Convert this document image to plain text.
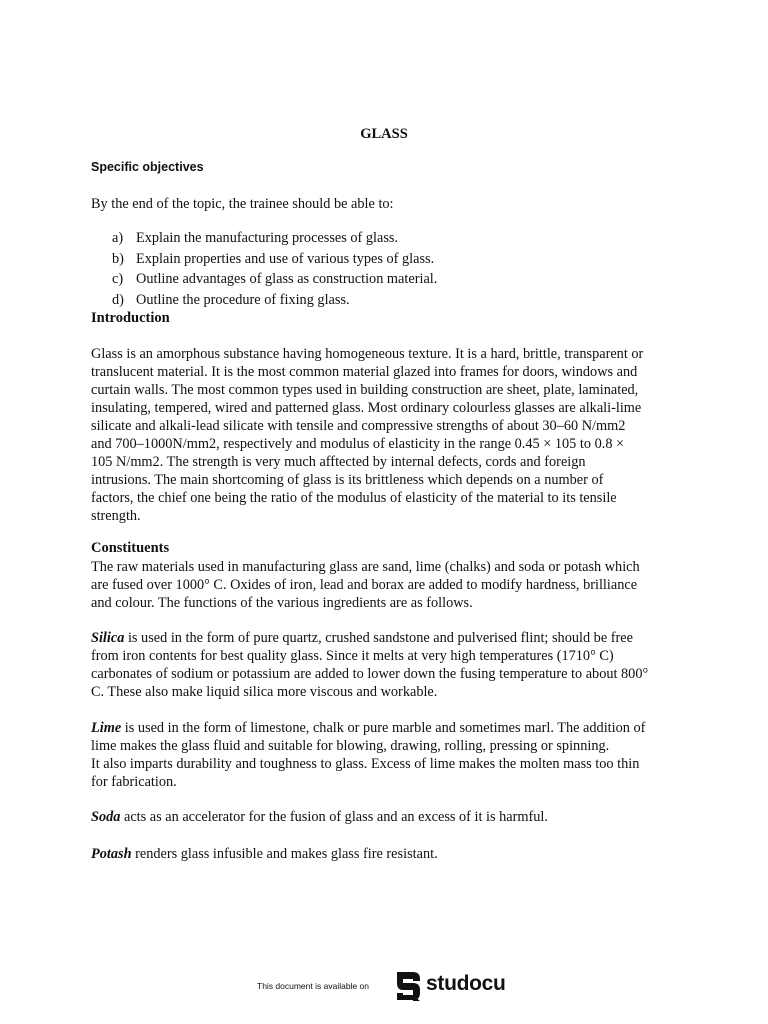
GLASS

Specific objectives

By the end of the topic, the trainee should be able to:

a) Explain the manufacturing processes of glass.
b) Explain properties and use of various types of glass.
c) Outline advantages of glass as construction material.
d) Outline the procedure of fixing glass.
Introduction
Glass is an amorphous substance having homogeneous texture. It is a hard, brittle, transparent or
translucent material. It is the most common material glazed into frames for doors, windows and
curtain walls. The most common types used in building construction are sheet, plate, laminated,
insulating, tempered, wired and patterned glass. Most ordinary colourless glasses are alkali-lime
silicate and alkali-lead silicate with tensile and compressive strengths of about 30–60 N/mm2
and 700–1000N/mm2, respectively and modulus of elasticity in the range 0.45 × 105 to 0.8 ×
105 N/mm2. The strength is very much afftected by internal defects, cords and foreign
intrusions. The main shortcoming of glass is its brittleness which depends on a number of
factors, the chief one being the ratio of the modulus of elasticity of the material to its tensile
strength.
Constituents
The raw materials used in manufacturing glass are sand, lime (chalks) and soda or potash which
are fused over 1000° C. Oxides of iron, lead and borax are added to modify hardness, brilliance
and colour. The functions of the various ingredients are as follows.
Silica is used in the form of pure quartz, crushed sandstone and pulverised flint; should be free
from iron contents for best quality glass. Since it melts at very high temperatures (1710° C)
carbonates of sodium or potassium are added to lower down the fusing temperature to about 800°
C. These also make liquid silica more viscous and workable.
Lime is used in the form of limestone, chalk or pure marble and sometimes marl. The addition of
lime makes the glass fluid and suitable for blowing, drawing, rolling, pressing or spinning.
It also imparts durability and toughness to glass. Excess of lime makes the molten mass too thin
for fabrication.
Soda acts as an accelerator for the fusion of glass and an excess of it is harmful.
Potash renders glass infusible and makes glass fire resistant.
This document is available on	studocu
